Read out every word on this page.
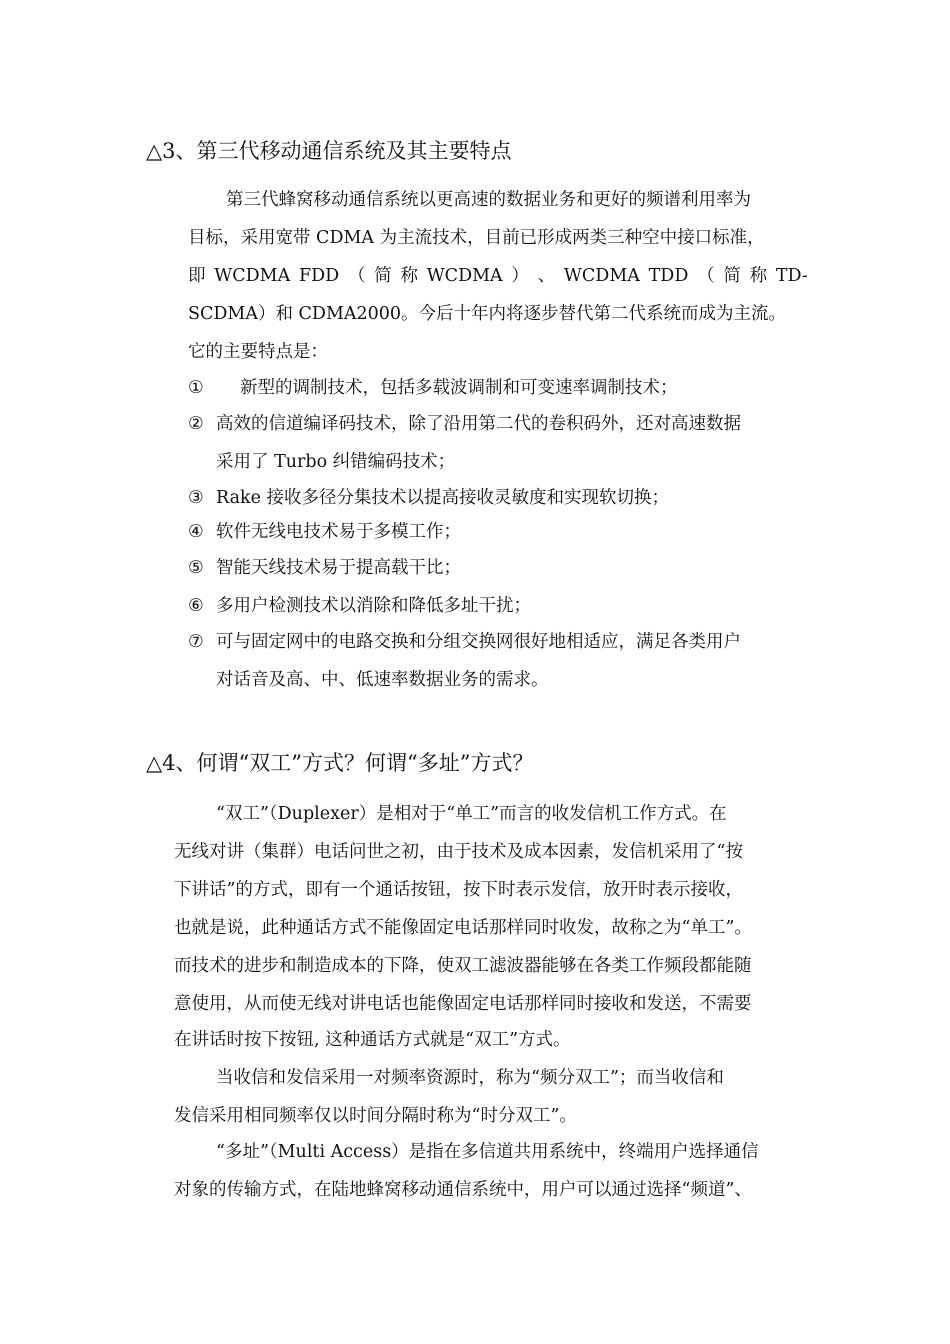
△3、第三代移动通信系统及其主要特点

第三代蜂窝移动通信系统以更高速的数据业务和更好的频谱利用率为

目标，采用宽带 CDMA 为主流技术，目前已形成两类三种空中接口标准，

即 WCDMA FDD （ 简 称 WCDMA ） 、 WCDMA TDD （ 简 称 TD-

SCDMA）和 CDMA2000。今后十年内将逐步替代第二代系统而成为主流。

它的主要特点是：

① 新型的调制技术，包括多载波调制和可变速率调制技术；

② 高效的信道编译码技术，除了沿用第二代的卷积码外，还对高速数据

采用了 Turbo 纠错编码技术；

③ Rake 接收多径分集技术以提高接收灵敏度和实现软切换；

④ 软件无线电技术易于多模工作；

⑤ 智能天线技术易于提高载干比；

⑥ 多用户检测技术以消除和降低多址干扰；

⑦ 可与固定网中的电路交换和分组交换网很好地相适应，满足各类用户

对话音及高、中、低速率数据业务的需求。

△4、何谓“双工”方式？何谓“多址”方式？

“双工”（Duplexer）是相对于“单工”而言的收发信机工作方式。在

无线对讲（集群）电话问世之初，由于技术及成本因素，发信机采用了“按

下讲话”的方式，即有一个通话按钮，按下时表示发信，放开时表示接收，

也就是说，此种通话方式不能像固定电话那样同时收发，故称之为“单工”。

而技术的进步和制造成本的下降，使双工滤波器能够在各类工作频段都能随

意使用，从而使无线对讲电话也能像固定电话那样同时接收和发送，不需要

在讲话时按下按钮, 这种通话方式就是“双工”方式。

当收信和发信采用一对频率资源时，称为“频分双工”；而当收信和

发信采用相同频率仅以时间分隔时称为“时分双工”。

“多址”（Multi Access）是指在多信道共用系统中，终端用户选择通信

对象的传输方式，在陆地蜂窝移动通信系统中，用户可以通过选择“频道”、
